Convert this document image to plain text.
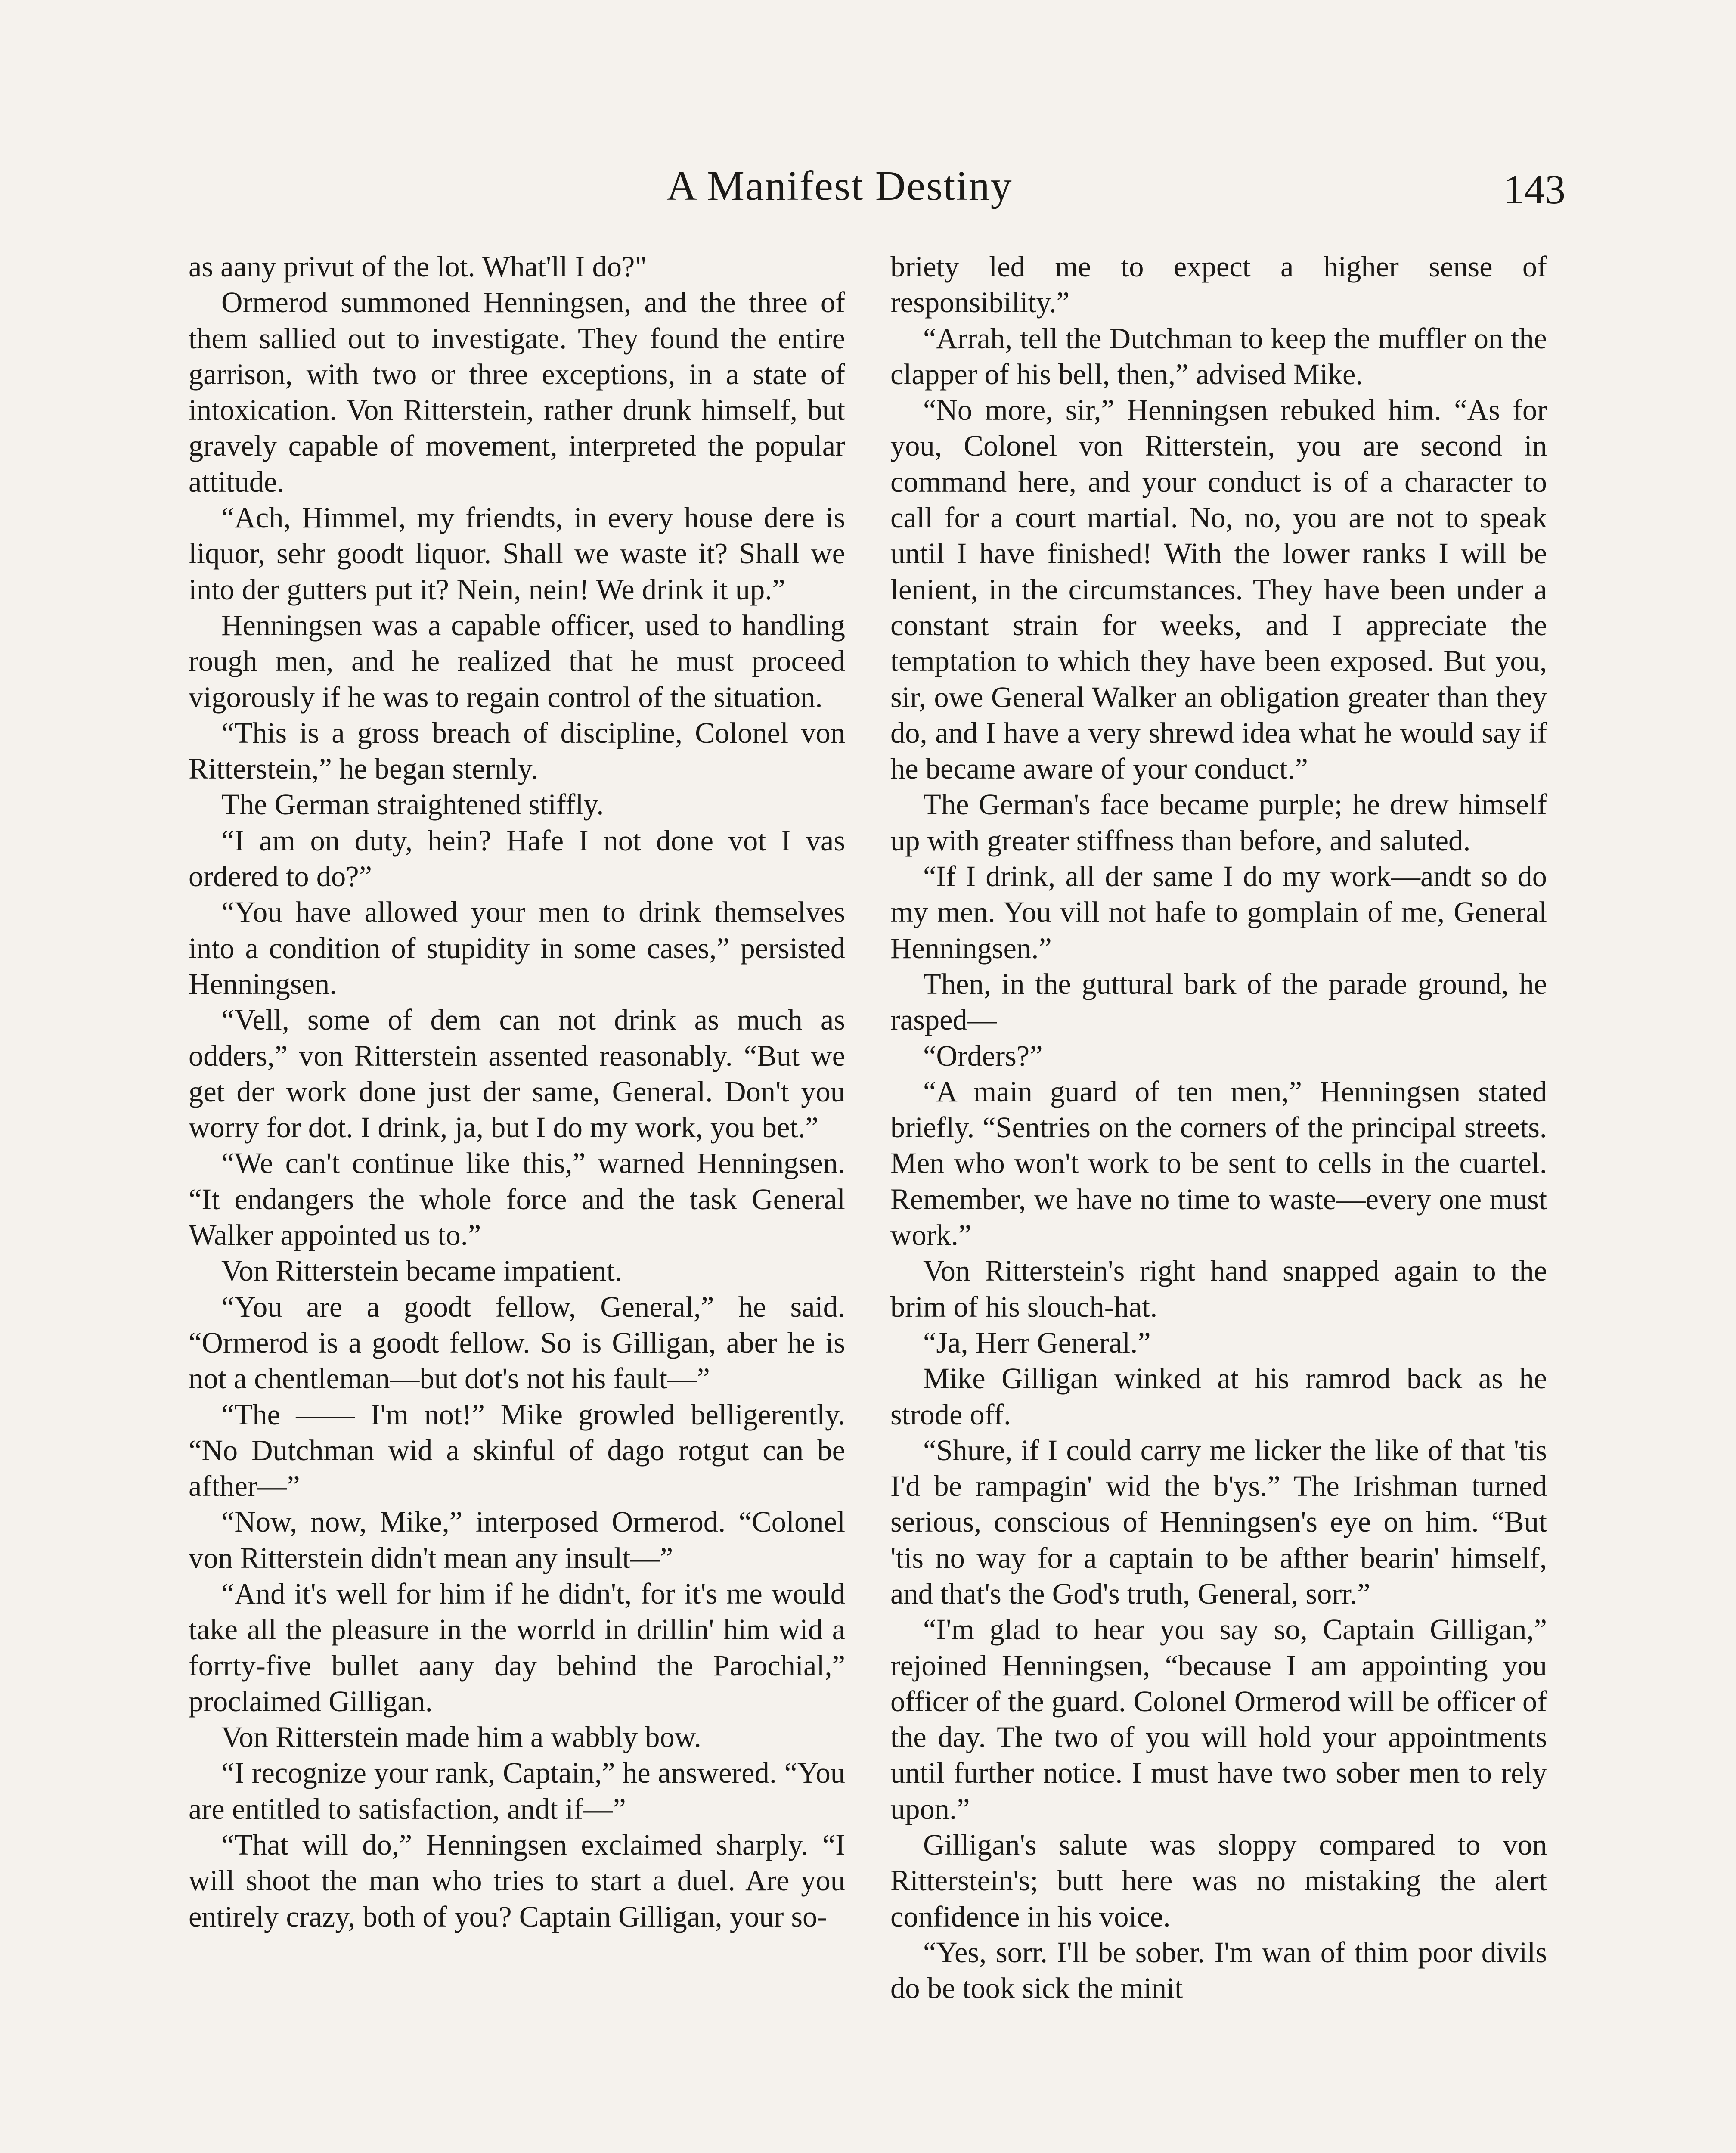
A Manifest Destiny	143

as aany privut of the lot. What'll I do?"

Ormerod summoned Henningsen, and the three of them sallied out to investigate. They found the entire garrison, with two or three exceptions, in a state of intoxication. Von Ritterstein, rather drunk himself, but gravely capable of movement, interpreted the popular attitude.

“Ach, Himmel, my friendts, in every house dere is liquor, sehr goodt liquor. Shall we waste it? Shall we into der gutters put it? Nein, nein! We drink it up.”

Henningsen was a capable officer, used to handling rough men, and he realized that he must proceed vigorously if he was to regain control of the situation.

“This is a gross breach of discipline, Colonel von Ritterstein,” he began sternly.

The German straightened stiffly.

“I am on duty, hein? Hafe I not done vot I vas ordered to do?”

“You have allowed your men to drink themselves into a condition of stupidity in some cases,” persisted Henningsen.

“Vell, some of dem can not drink as much as odders,” von Ritterstein assented reasonably. “But we get der work done just der same, General. Don't you worry for dot. I drink, ja, but I do my work, you bet.”

“We can't continue like this,” warned Henningsen. “It endangers the whole force and the task General Walker appointed us to.”

Von Ritterstein became impatient.

“You are a goodt fellow, General,” he said. “Ormerod is a goodt fellow. So is Gilligan, aber he is not a chentleman—but dot's not his fault—”

“The —— I'm not!” Mike growled belligerently. “No Dutchman wid a skinful of dago rotgut can be afther—”

“Now, now, Mike,” interposed Ormerod. “Colonel von Ritterstein didn't mean any insult—”

“And it's well for him if he didn't, for it's me would take all the pleasure in the worrld in drillin' him wid a forrty-five bullet aany day behind the Parochial,” proclaimed Gilligan.

Von Ritterstein made him a wabbly bow.

“I recognize your rank, Captain,” he answered. “You are entitled to satisfaction, andt if—”

“That will do,” Henningsen exclaimed sharply. “I will shoot the man who tries to start a duel. Are you entirely crazy, both of you? Captain Gilligan, your so-

briety led me to expect a higher sense of responsibility.”

“Arrah, tell the Dutchman to keep the muffler on the clapper of his bell, then,” advised Mike.

“No more, sir,” Henningsen rebuked him. “As for you, Colonel von Ritterstein, you are second in command here, and your conduct is of a character to call for a court martial. No, no, you are not to speak until I have finished! With the lower ranks I will be lenient, in the circumstances. They have been under a constant strain for weeks, and I appreciate the temptation to which they have been exposed. But you, sir, owe General Walker an obligation greater than they do, and I have a very shrewd idea what he would say if he became aware of your conduct.”

The German's face became purple; he drew himself up with greater stiffness than before, and saluted.

“If I drink, all der same I do my work—andt so do my men. You vill not hafe to gomplain of me, General Henningsen.”

Then, in the guttural bark of the parade ground, he rasped—

“Orders?”

“A main guard of ten men,” Henningsen stated briefly. “Sentries on the corners of the principal streets. Men who won't work to be sent to cells in the cuartel. Remember, we have no time to waste—every one must work.”

Von Ritterstein's right hand snapped again to the brim of his slouch-hat.

“Ja, Herr General.”

Mike Gilligan winked at his ramrod back as he strode off.

“Shure, if I could carry me licker the like of that 'tis I'd be rampagin' wid the b'ys.” The Irishman turned serious, conscious of Henningsen's eye on him. “But 'tis no way for a captain to be afther bearin' himself, and that's the God's truth, General, sorr.”

“I'm glad to hear you say so, Captain Gilligan,” rejoined Henningsen, “because I am appointing you officer of the guard. Colonel Ormerod will be officer of the day. The two of you will hold your appointments until further notice. I must have two sober men to rely upon.”

Gilligan's salute was sloppy compared to von Ritterstein's; butt here was no mistaking the alert confidence in his voice.

“Yes, sorr. I'll be sober. I'm wan of thim poor divils do be took sick the minit
